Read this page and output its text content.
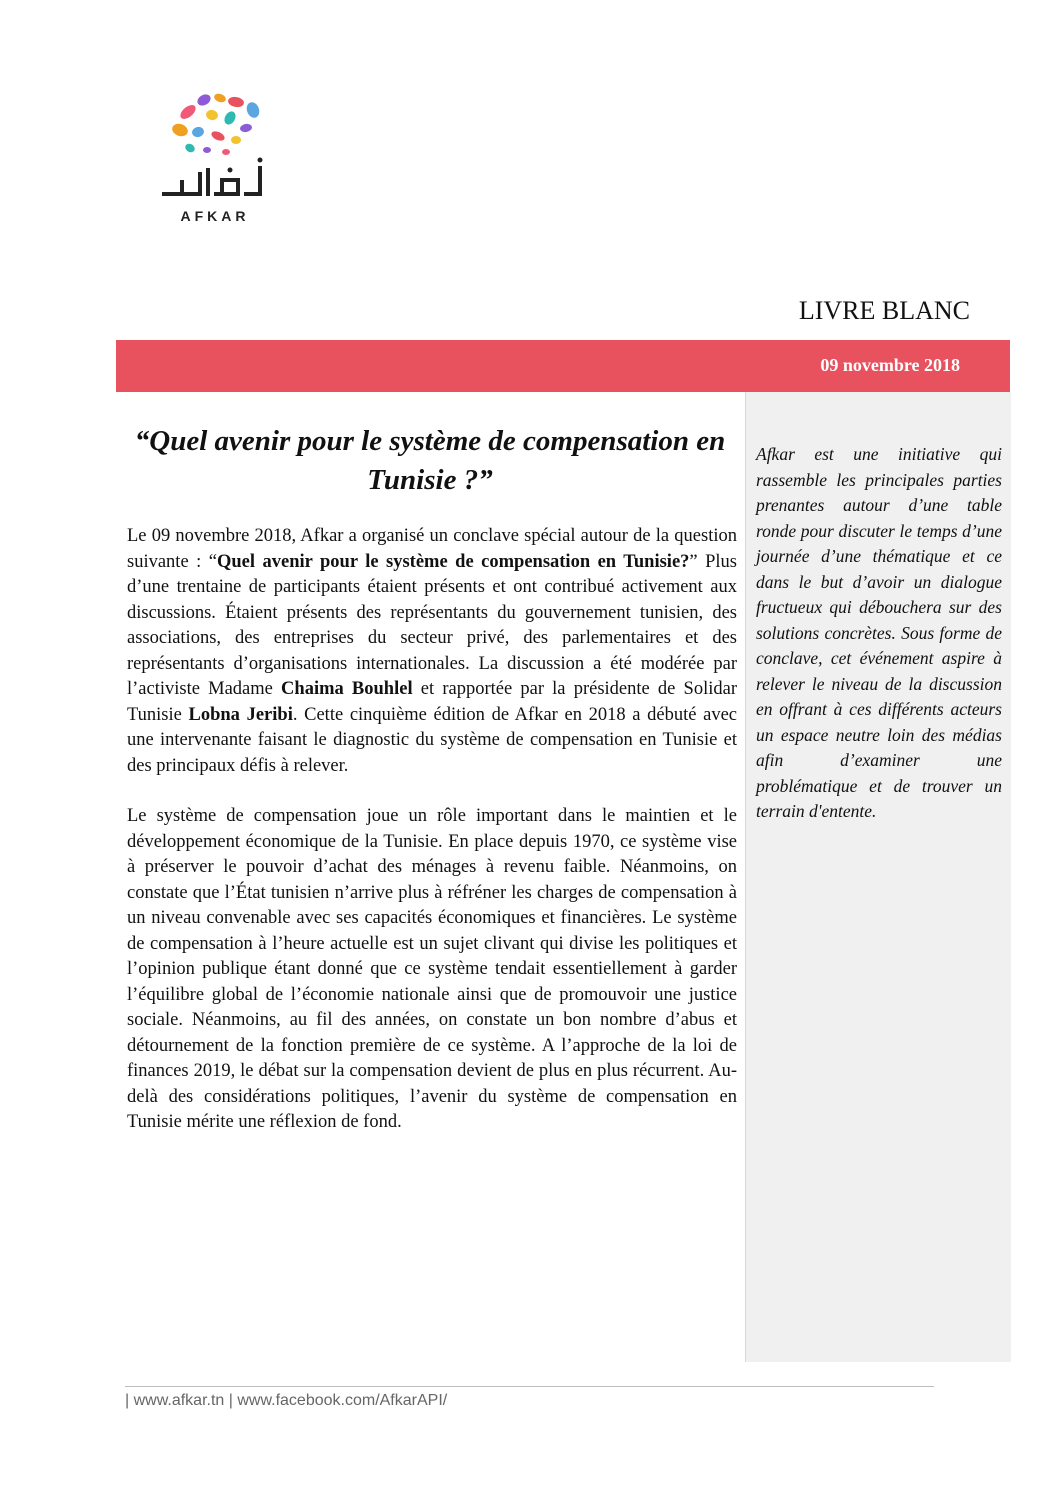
AFKAR
LIVRE BLANC
09 novembre 2018

Afkar est une initiative qui rassemble les principales parties prenantes autour d’une table ronde pour discuter le temps d’une journée d’une thématique et ce dans le but d’avoir un dialogue fructueux qui débouchera sur des solutions concrètes. Sous forme de conclave, cet événement aspire à relever le niveau de la discussion en offrant à ces différents acteurs un espace neutre loin des médias afin d’examiner une problématique et de trouver un terrain d'entente.

“Quel avenir pour le système de compensation en Tunisie ?”

Le 09 novembre 2018, Afkar a organisé un conclave spécial autour de la question suivante : “Quel avenir pour le système de compensation en Tunisie?” Plus d’une trentaine de participants étaient présents et ont contribué activement aux discussions. Étaient présents des représentants du gouvernement tunisien, des associations, des entreprises du secteur privé, des parlementaires et des représentants d’organisations internationales. La discussion a été modérée par l’activiste Madame Chaima Bouhlel et rapportée par la présidente de Solidar Tunisie Lobna Jeribi. Cette cinquième édition de Afkar en 2018 a débuté avec une intervenante faisant le diagnostic du système de compensation en Tunisie et des principaux défis à relever.

Le système de compensation joue un rôle important dans le maintien et le développement économique de la Tunisie. En place depuis 1970, ce système vise à préserver le pouvoir d’achat des ménages à revenu faible. Néanmoins, on constate que l’État tunisien n’arrive plus à réfréner les charges de compensation à un niveau convenable avec ses capacités économiques et financières. Le système de compensation à l’heure actuelle est un sujet clivant qui divise les politiques et l’opinion publique étant donné que ce système tendait essentiellement à garder l’équilibre global de l’économie nationale ainsi que de promouvoir une justice sociale. Néanmoins, au fil des années, on constate un bon nombre d’abus et détournement de la fonction première de ce système. A l’approche de la loi de finances 2019, le débat sur la compensation devient de plus en plus récurrent. Au-delà des considérations politiques, l’avenir du système de compensation en Tunisie mérite une réflexion de fond.

| www.afkar.tn | www.facebook.com/AfkarAPI/
